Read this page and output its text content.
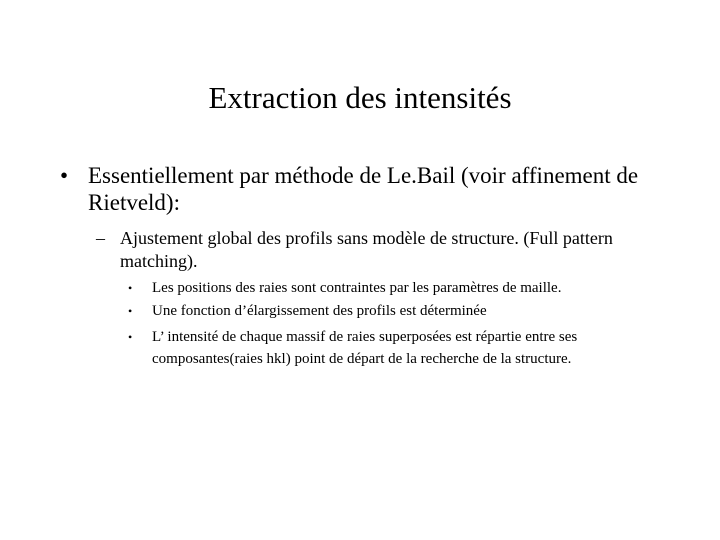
Extraction des intensités
• Essentiellement par méthode de Le.Bail (voir affinement de Rietveld):
– Ajustement global des profils sans modèle de structure. (Full pattern matching).
• Les positions des raies sont contraintes par les paramètres de maille.
• Une fonction d’élargissement des profils est déterminée
• L’ intensité de chaque massif de raies superposées est répartie entre ses composantes(raies hkl) point de départ de la recherche de la structure.
